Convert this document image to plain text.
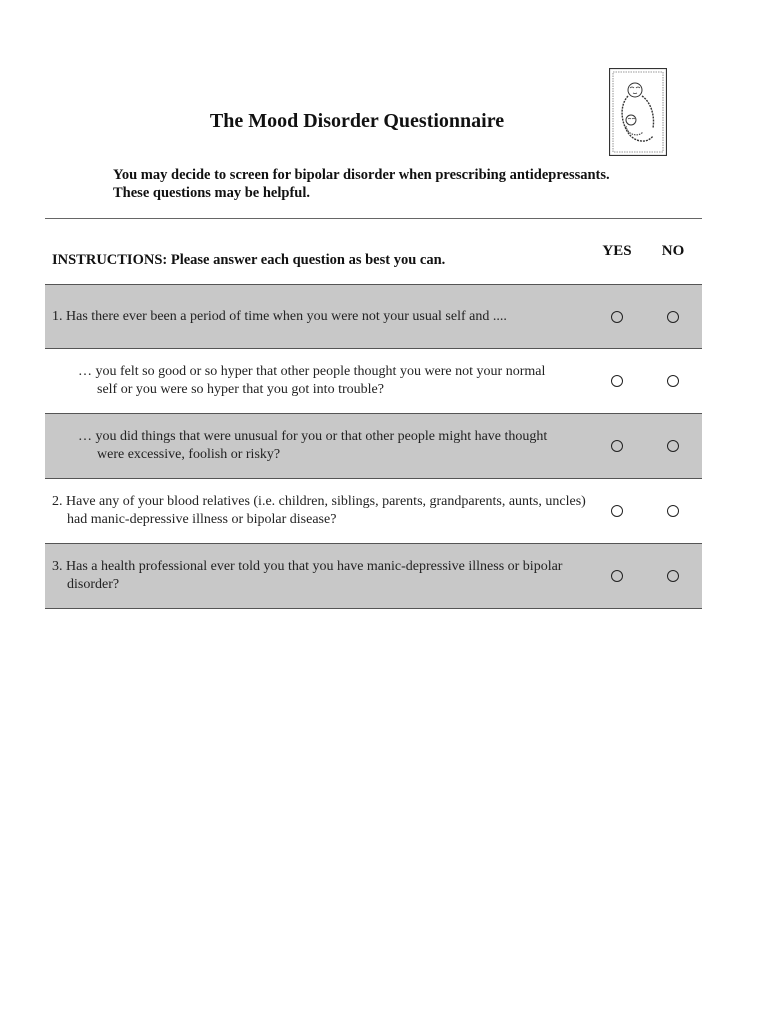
The Mood Disorder Questionnaire
You may decide to screen for bipolar disorder when prescribing antidepressants.
These questions may be helpful.
INSTRUCTIONS: Please answer each question as best you can.
YES	NO
1. Has there ever been a period of time when you were not your usual self and ....
… you felt so good or so hyper that other people thought you were not your normal self or you were so hyper that you got into trouble?
… you did things that were unusual for you or that other people might have thought were excessive, foolish or risky?
2. Have any of your blood relatives (i.e. children, siblings, parents, grandparents, aunts, uncles) had manic-depressive illness or bipolar disease?
3. Has a health professional ever told you that you have manic-depressive illness or bipolar disorder?
